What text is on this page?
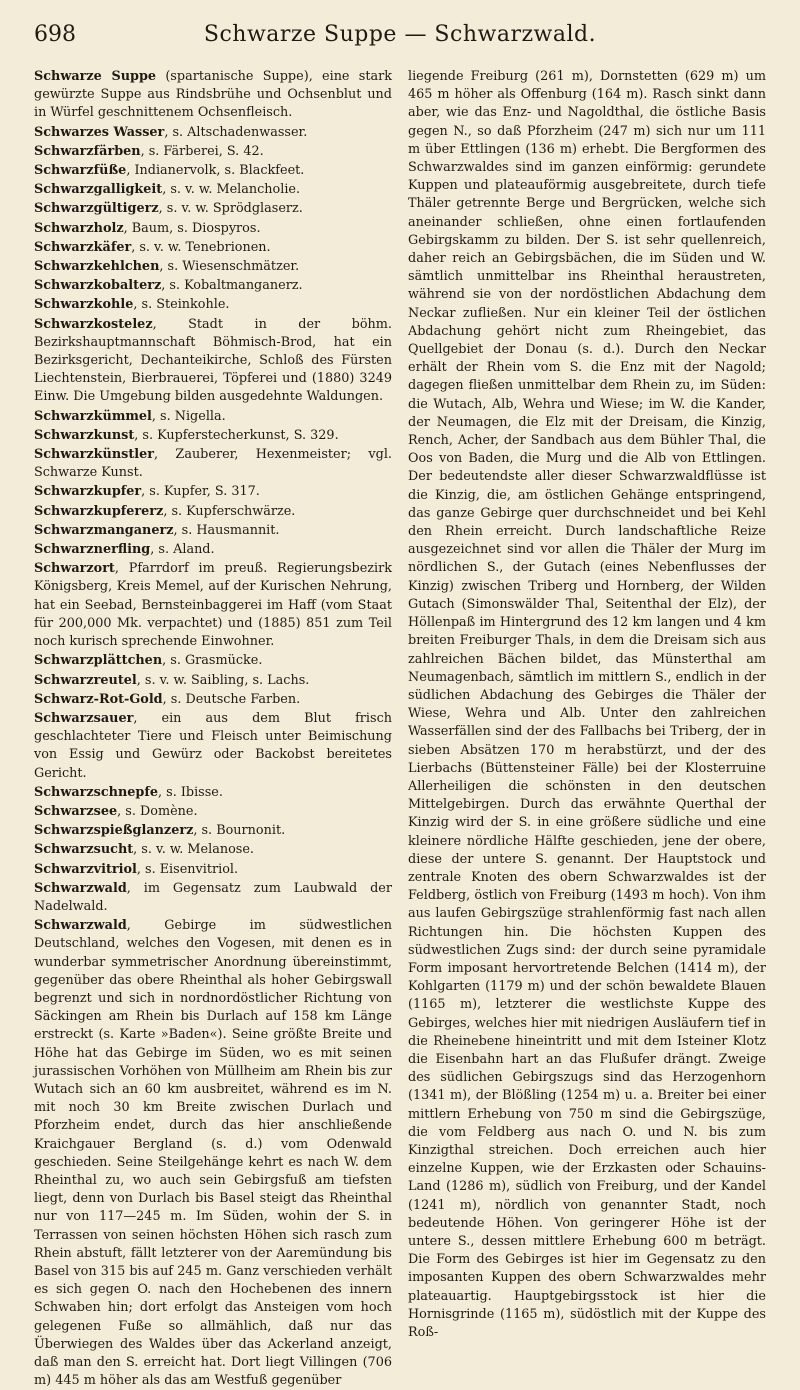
698	Schwarze Suppe — Schwarzwald.

Schwarze Suppe (spartanische Suppe), eine stark gewürzte Suppe aus Rindsbrühe und Ochsenblut und in Würfel geschnittenem Ochsenfleisch.

Schwarzes Wasser, s. Altschadenwasser.

Schwarzfärben, s. Färberei, S. 42.

Schwarzfüße, Indianervolk, s. Blackfeet.

Schwarzgalligkeit, s. v. w. Melancholie.

Schwarzgültigerz, s. v. w. Sprödglaserz.

Schwarzholz, Baum, s. Diospyros.

Schwarzkäfer, s. v. w. Tenebrionen.

Schwarzkehlchen, s. Wiesenschmätzer.

Schwarzkobalterz, s. Kobaltmanganerz.

Schwarzkohle, s. Steinkohle.

Schwarzkostelez, Stadt in der böhm. Bezirkshauptmannschaft Böhmisch-Brod, hat ein Bezirksgericht, Dechanteikirche, Schloß des Fürsten Liechtenstein, Bierbrauerei, Töpferei und (1880) 3249 Einw. Die Umgebung bilden ausgedehnte Waldungen.

Schwarzkümmel, s. Nigella.

Schwarzkunst, s. Kupferstecherkunst, S. 329.

Schwarzkünstler, Zauberer, Hexenmeister; vgl. Schwarze Kunst.

Schwarzkupfer, s. Kupfer, S. 317.

Schwarzkupfererz, s. Kupferschwärze.

Schwarzmanganerz, s. Hausmannit.

Schwarznerfling, s. Aland.

Schwarzort, Pfarrdorf im preuß. Regierungsbezirk Königsberg, Kreis Memel, auf der Kurischen Nehrung, hat ein Seebad, Bernsteinbaggerei im Haff (vom Staat für 200,000 Mk. verpachtet) und (1885) 851 zum Teil noch kurisch sprechende Einwohner.

Schwarzplättchen, s. Grasmücke.

Schwarzreutel, s. v. w. Saibling, s. Lachs.

Schwarz-Rot-Gold, s. Deutsche Farben.

Schwarzsauer, ein aus dem Blut frisch geschlachteter Tiere und Fleisch unter Beimischung von Essig und Gewürz oder Backobst bereitetes Gericht.

Schwarzschnepfe, s. Ibisse.

Schwarzsee, s. Domène.

Schwarzspießglanzerz, s. Bournonit.

Schwarzsucht, s. v. w. Melanose.

Schwarzvitriol, s. Eisenvitriol.

Schwarzwald, im Gegensatz zum Laubwald der Nadelwald.

Schwarzwald, Gebirge im südwestlichen Deutschland, welches den Vogesen, mit denen es in wunderbar symmetrischer Anordnung übereinstimmt, gegenüber das obere Rheinthal als hoher Gebirgswall begrenzt und sich in nordnordöstlicher Richtung von Säckingen am Rhein bis Durlach auf 158 km Länge erstreckt (s. Karte »Baden«). Seine größte Breite und Höhe hat das Gebirge im Süden, wo es mit seinen jurassischen Vorhöhen von Müllheim am Rhein bis zur Wutach sich an 60 km ausbreitet, während es im N. mit noch 30 km Breite zwischen Durlach und Pforzheim endet, durch das hier anschließende Kraichgauer Bergland (s. d.) vom Odenwald geschieden. Seine Steilgehänge kehrt es nach W. dem Rheinthal zu, wo auch sein Gebirgsfuß am tiefsten liegt, denn von Durlach bis Basel steigt das Rheinthal nur von 117—245 m. Im Süden, wohin der S. in Terrassen von seinen höchsten Höhen sich rasch zum Rhein abstuft, fällt letzterer von der Aaremündung bis Basel von 315 bis auf 245 m. Ganz verschieden verhält es sich gegen O. nach den Hochebenen des innern Schwaben hin; dort erfolgt das Ansteigen vom hoch gelegenen Fuße so allmählich, daß nur das Überwiegen des Waldes über das Ackerland anzeigt, daß man den S. erreicht hat. Dort liegt Villingen (706 m) 445 m höher als das am Westfuß gegenüber

liegende Freiburg (261 m), Dornstetten (629 m) um 465 m höher als Offenburg (164 m). Rasch sinkt dann aber, wie das Enz- und Nagoldthal, die östliche Basis gegen N., so daß Pforzheim (247 m) sich nur um 111 m über Ettlingen (136 m) erhebt. Die Bergformen des Schwarzwaldes sind im ganzen einförmig: gerundete Kuppen und plateauförmig ausgebreitete, durch tiefe Thäler getrennte Berge und Bergrücken, welche sich aneinander schließen, ohne einen fortlaufenden Gebirgskamm zu bilden. Der S. ist sehr quellenreich, daher reich an Gebirgsbächen, die im Süden und W. sämtlich unmittelbar ins Rheinthal heraustreten, während sie von der nordöstlichen Abdachung dem Neckar zufließen. Nur ein kleiner Teil der östlichen Abdachung gehört nicht zum Rheingebiet, das Quellgebiet der Donau (s. d.). Durch den Neckar erhält der Rhein vom S. die Enz mit der Nagold; dagegen fließen unmittelbar dem Rhein zu, im Süden: die Wutach, Alb, Wehra und Wiese; im W. die Kander, der Neumagen, die Elz mit der Dreisam, die Kinzig, Rench, Acher, der Sandbach aus dem Bühler Thal, die Oos von Baden, die Murg und die Alb von Ettlingen. Der bedeutendste aller dieser Schwarzwaldflüsse ist die Kinzig, die, am östlichen Gehänge entspringend, das ganze Gebirge quer durchschneidet und bei Kehl den Rhein erreicht. Durch landschaftliche Reize ausgezeichnet sind vor allen die Thäler der Murg im nördlichen S., der Gutach (eines Nebenflusses der Kinzig) zwischen Triberg und Hornberg, der Wilden Gutach (Simonswälder Thal, Seitenthal der Elz), der Höllenpaß im Hintergrund des 12 km langen und 4 km breiten Freiburger Thals, in dem die Dreisam sich aus zahlreichen Bächen bildet, das Münsterthal am Neumagenbach, sämtlich im mittlern S., endlich in der südlichen Abdachung des Gebirges die Thäler der Wiese, Wehra und Alb. Unter den zahlreichen Wasserfällen sind der des Fallbachs bei Triberg, der in sieben Absätzen 170 m herabstürzt, und der des Lierbachs (Büttensteiner Fälle) bei der Klosterruine Allerheiligen die schönsten in den deutschen Mittelgebirgen. Durch das erwähnte Querthal der Kinzig wird der S. in eine größere südliche und eine kleinere nördliche Hälfte geschieden, jene der obere, diese der untere S. genannt. Der Hauptstock und zentrale Knoten des obern Schwarzwaldes ist der Feldberg, östlich von Freiburg (1493 m hoch). Von ihm aus laufen Gebirgszüge strahlenförmig fast nach allen Richtungen hin. Die höchsten Kuppen des südwestlichen Zugs sind: der durch seine pyramidale Form imposant hervortretende Belchen (1414 m), der Kohlgarten (1179 m) und der schön bewaldete Blauen (1165 m), letzterer die westlichste Kuppe des Gebirges, welches hier mit niedrigen Ausläufern tief in die Rheinebene hineintritt und mit dem Isteiner Klotz die Eisenbahn hart an das Flußufer drängt. Zweige des südlichen Gebirgszugs sind das Herzogenhorn (1341 m), der Blößling (1254 m) u. a. Breiter bei einer mittlern Erhebung von 750 m sind die Gebirgszüge, die vom Feldberg aus nach O. und N. bis zum Kinzigthal streichen. Doch erreichen auch hier einzelne Kuppen, wie der Erzkasten oder Schauins-Land (1286 m), südlich von Freiburg, und der Kandel (1241 m), nördlich von genannter Stadt, noch bedeutende Höhen. Von geringerer Höhe ist der untere S., dessen mittlere Erhebung 600 m beträgt. Die Form des Gebirges ist hier im Gegensatz zu den imposanten Kuppen des obern Schwarzwaldes mehr plateauartig. Hauptgebirgsstock ist hier die Hornisgrinde (1165 m), südöstlich mit der Kuppe des Roß-
